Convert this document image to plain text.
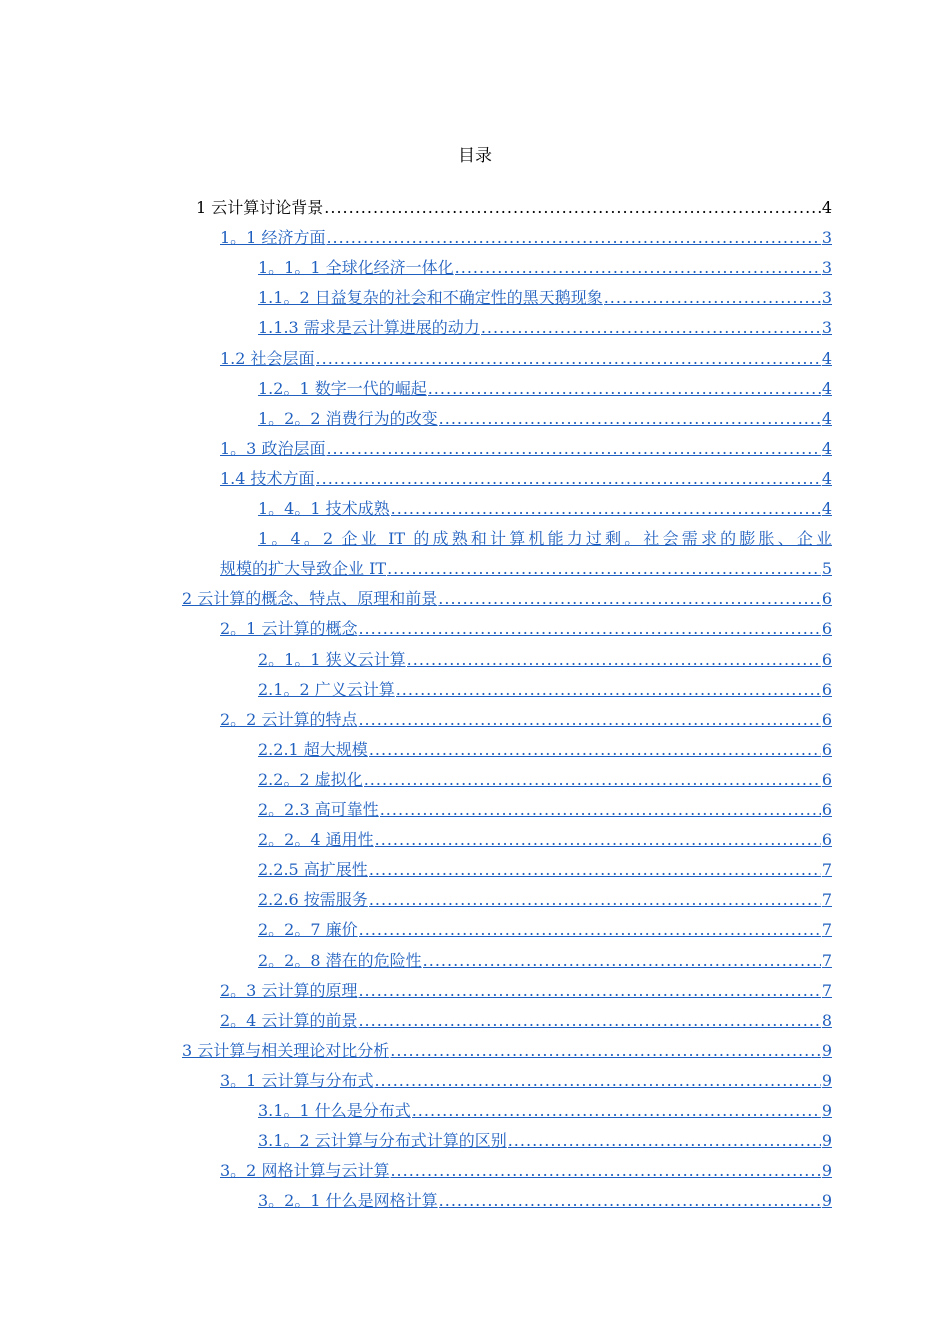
目录
1 云计算讨论背景 .....	4
1。1 经济方面 .....	3
1。1。1 全球化经济一体化 .....	3
1.1。2 日益复杂的社会和不确定性的黑天鹅现象 .....	3
1.1.3 需求是云计算进展的动力 .....	3
1.2 社会层面 .....	4
1.2。1 数字一代的崛起 .....	4
1。2。2 消费行为的改变 .....	4
1。3 政治层面 .....	4
1.4 技术方面 .....	4
1。4。1 技术成熟 .....	4
1。4。2 企业 IT 的成熟和计算机能力过剩。社会需求的膨胀、企业
规模的扩大导致企业 IT .....	5
2 云计算的概念、特点、原理和前景 .....	6
2。1 云计算的概念 .....	6
2。1。1 狭义云计算 .....	6
2.1。2 广义云计算 .....	6
2。2 云计算的特点 .....	6
2.2.1 超大规模 .....	6
2.2。2 虚拟化 .....	6
2。2.3 高可靠性 .....	6
2。2。4 通用性 .....	6
2.2.5 高扩展性 .....	7
2.2.6 按需服务 .....	7
2。2。7 廉价 .....	7
2。2。8 潜在的危险性 .....	7
2。3 云计算的原理 .....	7
2。4 云计算的前景 .....	8
3 云计算与相关理论对比分析 .....	9
3。1 云计算与分布式 .....	9
3.1。1 什么是分布式 .....	9
3.1。2 云计算与分布式计算的区别 .....	9
3。2 网格计算与云计算 .....	9
3。2。1 什么是网格计算 .....	9
